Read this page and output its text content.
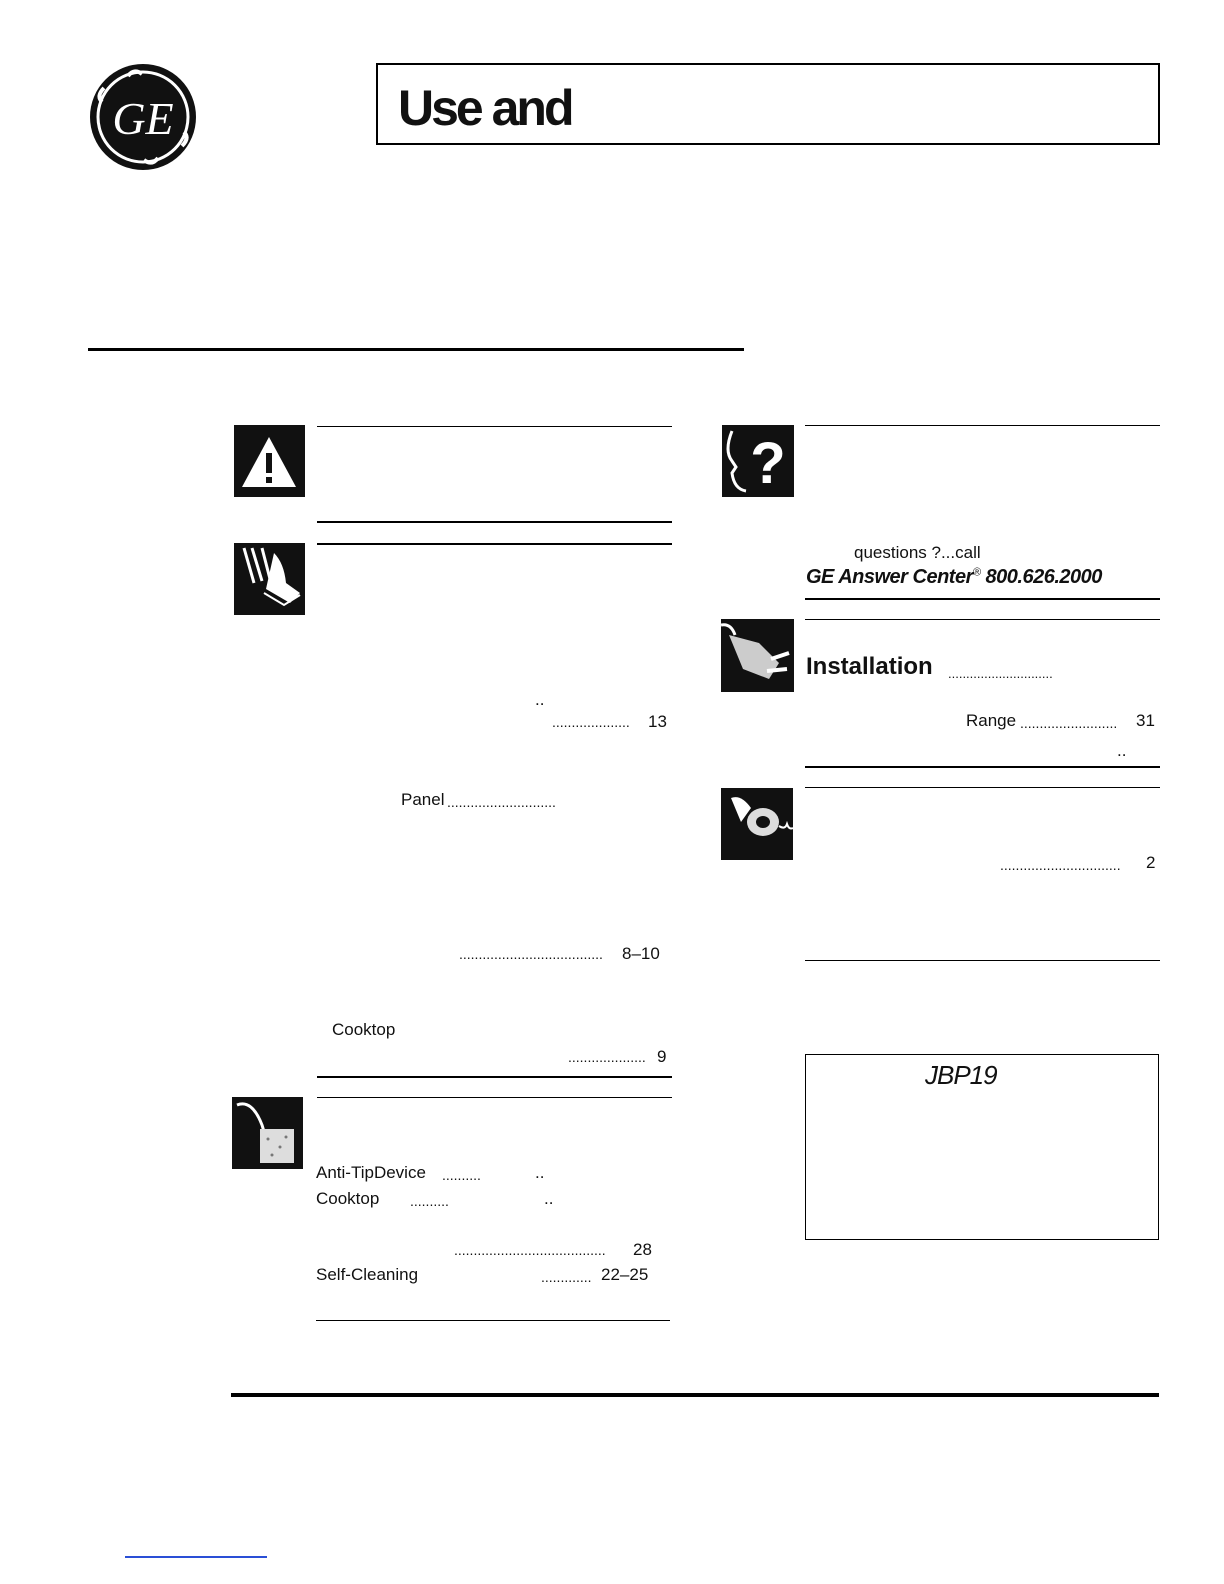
GE	Use and
..
.................... 13
Panel ............................
..................................... 8–10
Cooktop
.................... 9
Anti-TipDevice ..........	..
Cooktop ..........	..
....................................... 28
Self-Cleaning	............. 22–25
?
questions ?...call
GE Answer Center® 800.626.2000
Installation .............................
Range ......................... 31
..
............................... 2
JBP19
